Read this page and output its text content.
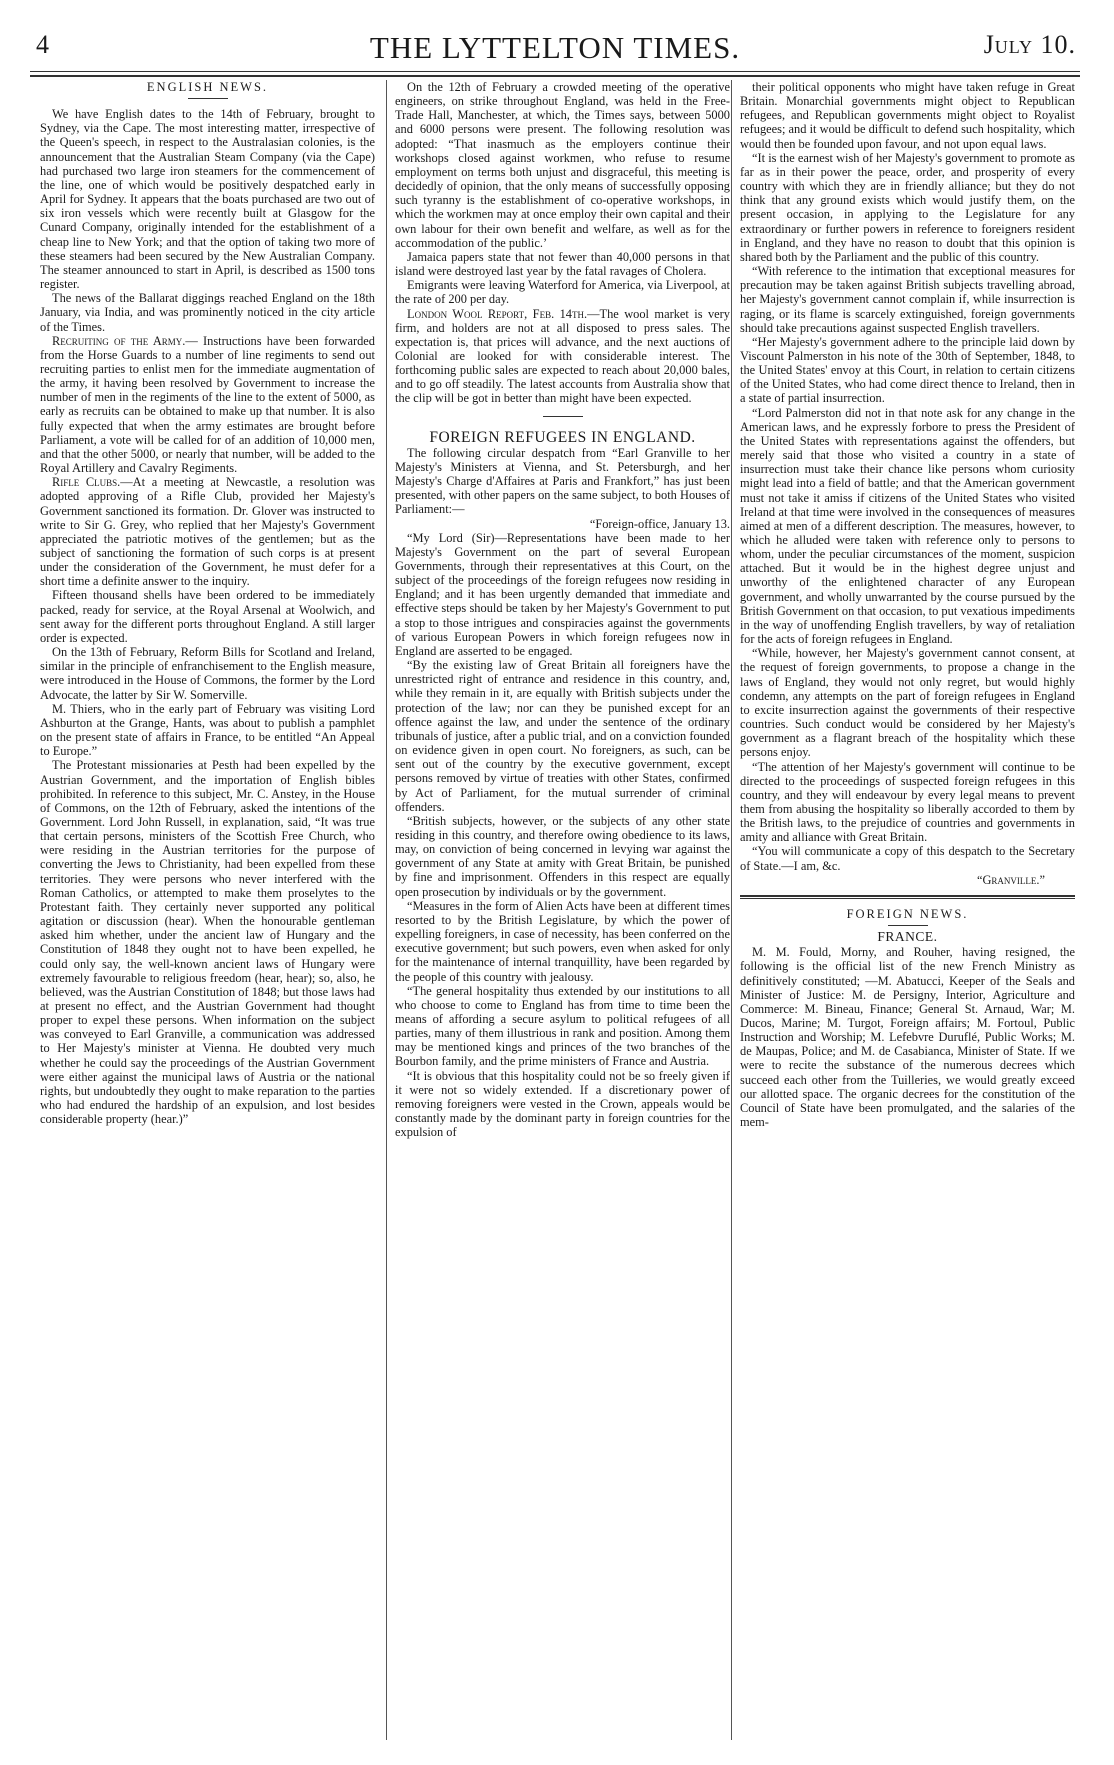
4	THE LYTTELTON TIMES.	July 10.
ENGLISH NEWS.

We have English dates to the 14th of February, brought to Sydney, via the Cape. The most interesting matter, irrespective of the Queen's speech, in respect to the Australasian colonies, is the announcement that the Australian Steam Company (via the Cape) had purchased two large iron steamers for the commencement of the line, one of which would be positively despatched early in April for Sydney. It appears that the boats purchased are two out of six iron vessels which were recently built at Glasgow for the Cunard Company, originally intended for the establishment of a cheap line to New York; and that the option of taking two more of these steamers had been secured by the New Australian Company. The steamer announced to start in April, is described as 1500 tons register.

The news of the Ballarat diggings reached England on the 18th January, via India, and was prominently noticed in the city article of the Times.

Recruiting of the Army.— Instructions have been forwarded from the Horse Guards to a number of line regiments to send out recruiting parties to enlist men for the immediate augmentation of the army, it having been resolved by Government to increase the number of men in the regiments of the line to the extent of 5000, as early as recruits can be obtained to make up that number. It is also fully expected that when the army estimates are brought before Parliament, a vote will be called for of an addition of 10,000 men, and that the other 5000, or nearly that number, will be added to the Royal Artillery and Cavalry Regiments.

Rifle Clubs.—At a meeting at Newcastle, a resolution was adopted approving of a Rifle Club, provided her Majesty's Government sanctioned its formation. Dr. Glover was instructed to write to Sir G. Grey, who replied that her Majesty's Government appreciated the patriotic motives of the gentlemen; but as the subject of sanctioning the formation of such corps is at present under the consideration of the Government, he must defer for a short time a definite answer to the inquiry.

Fifteen thousand shells have been ordered to be immediately packed, ready for service, at the Royal Arsenal at Woolwich, and sent away for the different ports throughout England. A still larger order is expected.

On the 13th of February, Reform Bills for Scotland and Ireland, similar in the principle of enfranchisement to the English measure, were introduced in the House of Commons, the former by the Lord Advocate, the latter by Sir W. Somerville.

M. Thiers, who in the early part of February was visiting Lord Ashburton at the Grange, Hants, was about to publish a pamphlet on the present state of affairs in France, to be entitled “An Appeal to Europe.”

The Protestant missionaries at Pesth had been expelled by the Austrian Government, and the importation of English bibles prohibited. In reference to this subject, Mr. C. Anstey, in the House of Commons, on the 12th of February, asked the intentions of the Government. Lord John Russell, in explanation, said, “It was true that certain persons, ministers of the Scottish Free Church, who were residing in the Austrian territories for the purpose of converting the Jews to Christianity, had been expelled from these territories. They were persons who never interfered with the Roman Catholics, or attempted to make them proselytes to the Protestant faith. They certainly never supported any political agitation or discussion (hear). When the honourable gentleman asked him whether, under the ancient law of Hungary and the Constitution of 1848 they ought not to have been expelled, he could only say, the well-known ancient laws of Hungary were extremely favourable to religious freedom (hear, hear); so, also, he believed, was the Austrian Constitution of 1848; but those laws had at present no effect, and the Austrian Government had thought proper to expel these persons. When information on the subject was conveyed to Earl Granville, a communication was addressed to Her Majesty's minister at Vienna. He doubted very much whether he could say the proceedings of the Austrian Government were either against the municipal laws of Austria or the national rights, but undoubtedly they ought to make reparation to the parties who had endured the hardship of an expulsion, and lost besides considerable property (hear.)”

On the 12th of February a crowded meeting of the operative engineers, on strike throughout England, was held in the Free-Trade Hall, Manchester, at which, the Times says, between 5000 and 6000 persons were present. The following resolution was adopted: “That inasmuch as the employers continue their workshops closed against workmen, who refuse to resume employment on terms both unjust and disgraceful, this meeting is decidedly of opinion, that the only means of successfully opposing such tyranny is the establishment of co-operative workshops, in which the workmen may at once employ their own capital and their own labour for their own benefit and welfare, as well as for the accommodation of the public.’

Jamaica papers state that not fewer than 40,000 persons in that island were destroyed last year by the fatal ravages of Cholera.

Emigrants were leaving Waterford for America, via Liverpool, at the rate of 200 per day.

London Wool Report, Feb. 14th.—The wool market is very firm, and holders are not at all disposed to press sales. The expectation is, that prices will advance, and the next auctions of Colonial are looked for with considerable interest. The forthcoming public sales are expected to reach about 20,000 bales, and to go off steadily. The latest accounts from Australia show that the clip will be got in better than might have been expected.

FOREIGN REFUGEES IN ENGLAND.

The following circular despatch from “Earl Granville to her Majesty's Ministers at Vienna, and St. Petersburgh, and her Majesty's Charge d'Affaires at Paris and Frankfort,” has just been presented, with other papers on the same subject, to both Houses of Parliament:—

“Foreign-office, January 13.

“My Lord (Sir)—Representations have been made to her Majesty's Government on the part of several European Governments, through their representatives at this Court, on the subject of the proceedings of the foreign refugees now residing in England; and it has been urgently demanded that immediate and effective steps should be taken by her Majesty's Government to put a stop to those intrigues and conspiracies against the governments of various European Powers in which foreign refugees now in England are asserted to be engaged.

“By the existing law of Great Britain all foreigners have the unrestricted right of entrance and residence in this country, and, while they remain in it, are equally with British subjects under the protection of the law; nor can they be punished except for an offence against the law, and under the sentence of the ordinary tribunals of justice, after a public trial, and on a conviction founded on evidence given in open court. No foreigners, as such, can be sent out of the country by the executive government, except persons removed by virtue of treaties with other States, confirmed by Act of Parliament, for the mutual surrender of criminal offenders.

“British subjects, however, or the subjects of any other state residing in this country, and therefore owing obedience to its laws, may, on conviction of being concerned in levying war against the government of any State at amity with Great Britain, be punished by fine and imprisonment. Offenders in this respect are equally open prosecution by individuals or by the government.

“Measures in the form of Alien Acts have been at different times resorted to by the British Legislature, by which the power of expelling foreigners, in case of necessity, has been conferred on the executive government; but such powers, even when asked for only for the maintenance of internal tranquillity, have been regarded by the people of this country with jealousy.

“The general hospitality thus extended by our institutions to all who choose to come to England has from time to time been the means of affording a secure asylum to political refugees of all parties, many of them illustrious in rank and position. Among them may be mentioned kings and princes of the two branches of the Bourbon family, and the prime ministers of France and Austria.

“It is obvious that this hospitality could not be so freely given if it were not so widely extended. If a discretionary power of removing foreigners were vested in the Crown, appeals would be constantly made by the dominant party in foreign countries for the expulsion of

their political opponents who might have taken refuge in Great Britain. Monarchial governments might object to Republican refugees, and Republican governments might object to Royalist refugees; and it would be difficult to defend such hospitality, which would then be founded upon favour, and not upon equal laws.

“It is the earnest wish of her Majesty's government to promote as far as in their power the peace, order, and prosperity of every country with which they are in friendly alliance; but they do not think that any ground exists which would justify them, on the present occasion, in applying to the Legislature for any extraordinary or further powers in reference to foreigners resident in England, and they have no reason to doubt that this opinion is shared both by the Parliament and the public of this country.

“With reference to the intimation that exceptional measures for precaution may be taken against British subjects travelling abroad, her Majesty's government cannot complain if, while insurrection is raging, or its flame is scarcely extinguished, foreign governments should take precautions against suspected English travellers.

“Her Majesty's government adhere to the principle laid down by Viscount Palmerston in his note of the 30th of September, 1848, to the United States' envoy at this Court, in relation to certain citizens of the United States, who had come direct thence to Ireland, then in a state of partial insurrection.

“Lord Palmerston did not in that note ask for any change in the American laws, and he expressly forbore to press the President of the United States with representations against the offenders, but merely said that those who visited a country in a state of insurrection must take their chance like persons whom curiosity might lead into a field of battle; and that the American government must not take it amiss if citizens of the United States who visited Ireland at that time were involved in the consequences of measures aimed at men of a different description. The measures, however, to which he alluded were taken with reference only to persons to whom, under the peculiar circumstances of the moment, suspicion attached. But it would be in the highest degree unjust and unworthy of the enlightened character of any European government, and wholly unwarranted by the course pursued by the British Government on that occasion, to put vexatious impediments in the way of unoffending English travellers, by way of retaliation for the acts of foreign refugees in England.

“While, however, her Majesty's government cannot consent, at the request of foreign governments, to propose a change in the laws of England, they would not only regret, but would highly condemn, any attempts on the part of foreign refugees in England to excite insurrection against the governments of their respective countries. Such conduct would be considered by her Majesty's government as a flagrant breach of the hospitality which these persons enjoy.

“The attention of her Majesty's government will continue to be directed to the proceedings of suspected foreign refugees in this country, and they will endeavour by every legal means to prevent them from abusing the hospitality so liberally accorded to them by the British laws, to the prejudice of countries and governments in amity and alliance with Great Britain.

“You will communicate a copy of this despatch to the Secretary of State.—I am, &c.

“Granville.”

FOREIGN NEWS.
FRANCE.

M. M. Fould, Morny, and Rouher, having resigned, the following is the official list of the new French Ministry as definitively constituted; —M. Abatucci, Keeper of the Seals and Minister of Justice: M. de Persigny, Interior, Agriculture and Commerce: M. Bineau, Finance; General St. Arnaud, War; M. Ducos, Marine; M. Turgot, Foreign affairs; M. Fortoul, Public Instruction and Worship; M. Lefebvre Duruflé, Public Works; M. de Maupas, Police; and M. de Casabianca, Minister of State. If we were to recite the substance of the numerous decrees which succeed each other from the Tuilleries, we would greatly exceed our allotted space. The organic decrees for the constitution of the Council of State have been promulgated, and the salaries of the mem-
